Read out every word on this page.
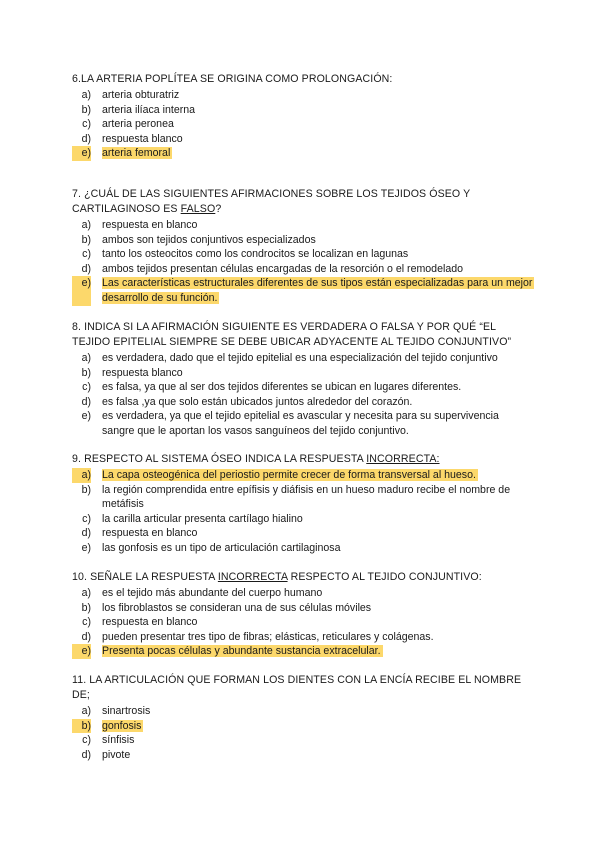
6.LA ARTERIA POPLÍTEA SE ORIGINA COMO PROLONGACIÓN:
a)	arteria obturatriz
b)	arteria ilíaca interna
c)	arteria peronea
d)	respuesta blanco
e)	arteria femoral
7. ¿CUÁL DE LAS SIGUIENTES AFIRMACIONES SOBRE LOS TEJIDOS ÓSEO Y CARTILAGINOSO ES FALSO?
a)	respuesta en blanco
b)	ambos son tejidos conjuntivos especializados
c)	tanto los osteocitos como los condrocitos se localizan en lagunas
d)	ambos tejidos presentan células encargadas de la resorción o el remodelado
e)	Las características estructurales diferentes de sus tipos están especializadas para un mejor desarrollo de su función.
8. INDICA SI LA AFIRMACIÓN SIGUIENTE ES VERDADERA O FALSA Y POR QUÉ “EL TEJIDO EPITELIAL SIEMPRE SE DEBE UBICAR ADYACENTE AL TEJIDO CONJUNTIVO”
a)	es verdadera, dado que el tejido epitelial es una especialización del tejido conjuntivo
b)	respuesta blanco
c)	es falsa, ya que al ser dos tejidos diferentes se ubican en lugares diferentes.
d)	es falsa ,ya que solo están ubicados juntos alrededor del corazón.
e)	es verdadera, ya que el tejido epitelial es avascular y necesita para su supervivencia sangre que le aportan los vasos sanguíneos del tejido conjuntivo.
9. RESPECTO AL SISTEMA ÓSEO INDICA LA RESPUESTA INCORRECTA:
a)	La capa osteogénica del periostio permite crecer de forma transversal al hueso.
b)	la región comprendida entre epífisis y diáfisis en un hueso maduro recibe el nombre de metáfisis
c)	la carilla articular presenta cartílago hialino
d)	respuesta en blanco
e)	las gonfosis es un tipo de articulación cartilaginosa
10. SEÑALE LA RESPUESTA INCORRECTA RESPECTO AL TEJIDO CONJUNTIVO:
a)	es el tejido más abundante del cuerpo humano
b)	los fibroblastos se consideran una de sus células móviles
c)	respuesta en blanco
d)	pueden presentar tres tipo de fibras; elásticas, reticulares y colágenas.
e)	Presenta pocas células y abundante sustancia extracelular.
11. LA ARTICULACIÓN QUE FORMAN LOS DIENTES CON LA ENCÍA RECIBE EL NOMBRE DE;
a)	sinartrosis
b)	gonfosis
c)	sínfisis
d)	pivote
